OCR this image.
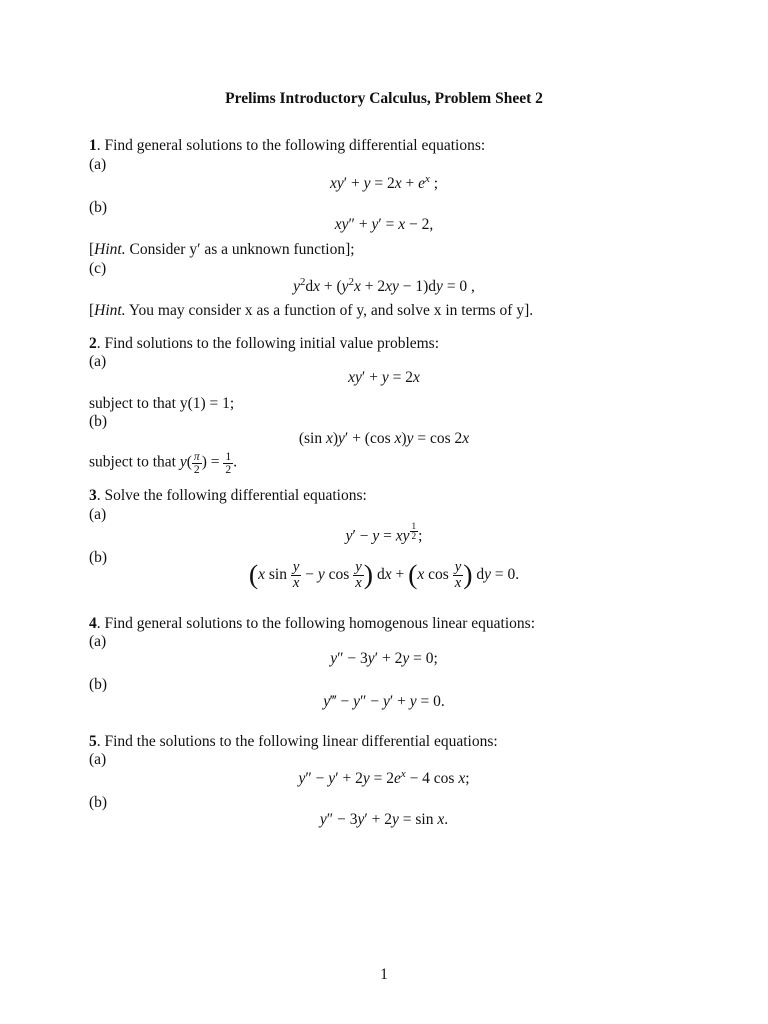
Prelims Introductory Calculus, Problem Sheet 2
1. Find general solutions to the following differential equations:
(a)
$xy' + y = 2x + e^x$ ;
(b)
xy″ + y′ = x − 2,
[Hint. Consider y′ as a unknown function];
(c)
$y^2dx + (y^2x + 2xy - 1)dy = 0$ ,
[Hint. You may consider x as a function of y, and solve x in terms of y].
2. Find solutions to the following initial value problems:
(a)
xy′ + y = 2x
subject to that y(1) = 1;
(b)
(sin x)y′ + (cos x)y = cos 2x
subject to that $y( \frac{\pi}{2}$ ) = $\frac{1}{2}$ .
3. Solve the following differential equations:
(a)
y′ − y = xy $^{\frac{1}{2}}$ ;
(b)
(x $\sin \frac{y}{x} - y$ $\cos \frac{y}{x}$ ) dx + (x $\cos \frac{y}{x}$ ) dy = 0.
4. Find general solutions to the following homogenous linear equations:
(a)
y″ − 3y′ + 2y = 0;
(b)
y‴ − y″ − y′ + y = 0.
5. Find the solutions to the following linear differential equations:
(a)
$y'' - y' + 2y = 2e^x - 4$ cos x;
(b)
y″ − 3y′ + 2y = sin x.
1
